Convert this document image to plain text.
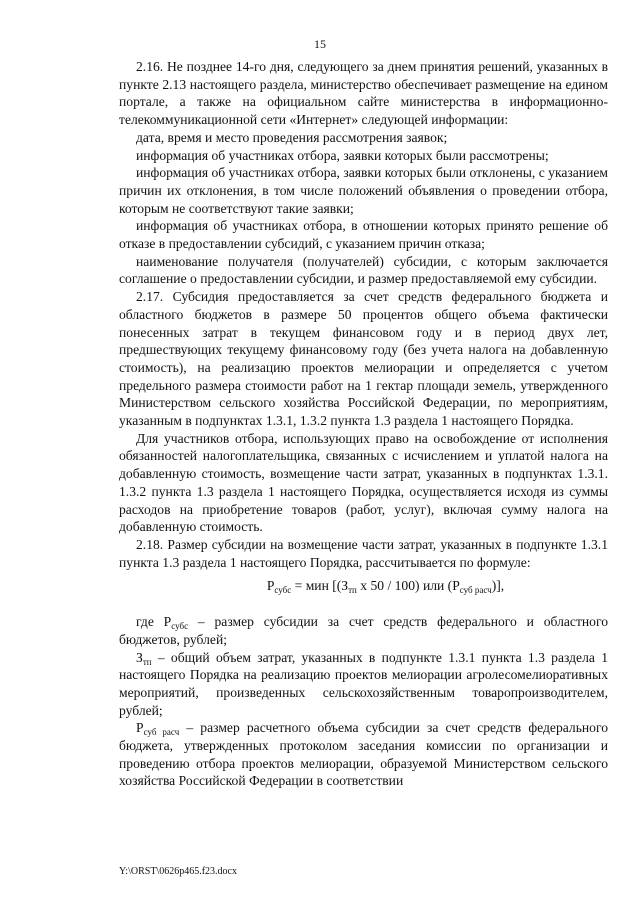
15

2.16. Не позднее 14-го дня, следующего за днем принятия решений, указанных в пункте 2.13 настоящего раздела, министерство обеспечивает размещение на едином портале, а также на официальном сайте министерства в информационно-телекоммуникационной сети «Интернет» следующей информации:

дата, время и место проведения рассмотрения заявок;

информация об участниках отбора, заявки которых были рассмотрены;

информация об участниках отбора, заявки которых были отклонены, с указанием причин их отклонения, в том числе положений объявления о проведении отбора, которым не соответствуют такие заявки;

информация об участниках отбора, в отношении которых принято решение об отказе в предоставлении субсидий, с указанием причин отказа;

наименование получателя (получателей) субсидии, с которым заключается соглашение о предоставлении субсидии, и размер предоставляемой ему субсидии.

2.17. Субсидия предоставляется за счет средств федерального бюджета и областного бюджетов в размере 50 процентов общего объема фактически понесенных затрат в текущем финансовом году и в период двух лет, предшествующих текущему финансовому году (без учета налога на добавленную стоимость), на реализацию проектов мелиорации и определяется с учетом предельного размера стоимости работ на 1 гектар площади земель, утвержденного Министерством сельского хозяйства Российской Федерации, по мероприятиям, указанным в подпунктах 1.3.1, 1.3.2 пункта 1.3 раздела 1 настоящего Порядка.

Для участников отбора, использующих право на освобождение от исполнения обязанностей налогоплательщика, связанных с исчислением и уплатой налога на добавленную стоимость, возмещение части затрат, указанных в подпунктах 1.3.1. 1.3.2 пункта 1.3 раздела 1 настоящего Порядка, осуществляется исходя из суммы расходов на приобретение товаров (работ, услуг), включая сумму налога на добавленную стоимость.

2.18. Размер субсидии на возмещение части затрат, указанных в подпункте 1.3.1 пункта 1.3 раздела 1 настоящего Порядка, рассчитывается по формуле:

$Р_{субс}$ = мин [($З_{тп}$ х 50 / 100) или $(Р_{суб расч})$],

где $Р_{субс}$ – размер субсидии за счет средств федерального и областного бюджетов, рублей;

$З_{тп}$ – общий объем затрат, указанных в подпункте 1.3.1 пункта 1.3 раздела 1 настоящего Порядка на реализацию проектов мелиорации агролесомелиоративных мероприятий, произведенных сельскохозяйственным товаропроизводителем, рублей;

$Р_{суб расч}$ – размер расчетного объема субсидии за счет средств федерального бюджета, утвержденных протоколом заседания комиссии по организации и проведению отбора проектов мелиорации, образуемой Министерством сельского хозяйства Российской Федерации в соответствии

Y:\ORST\0626p465.f23.docx
